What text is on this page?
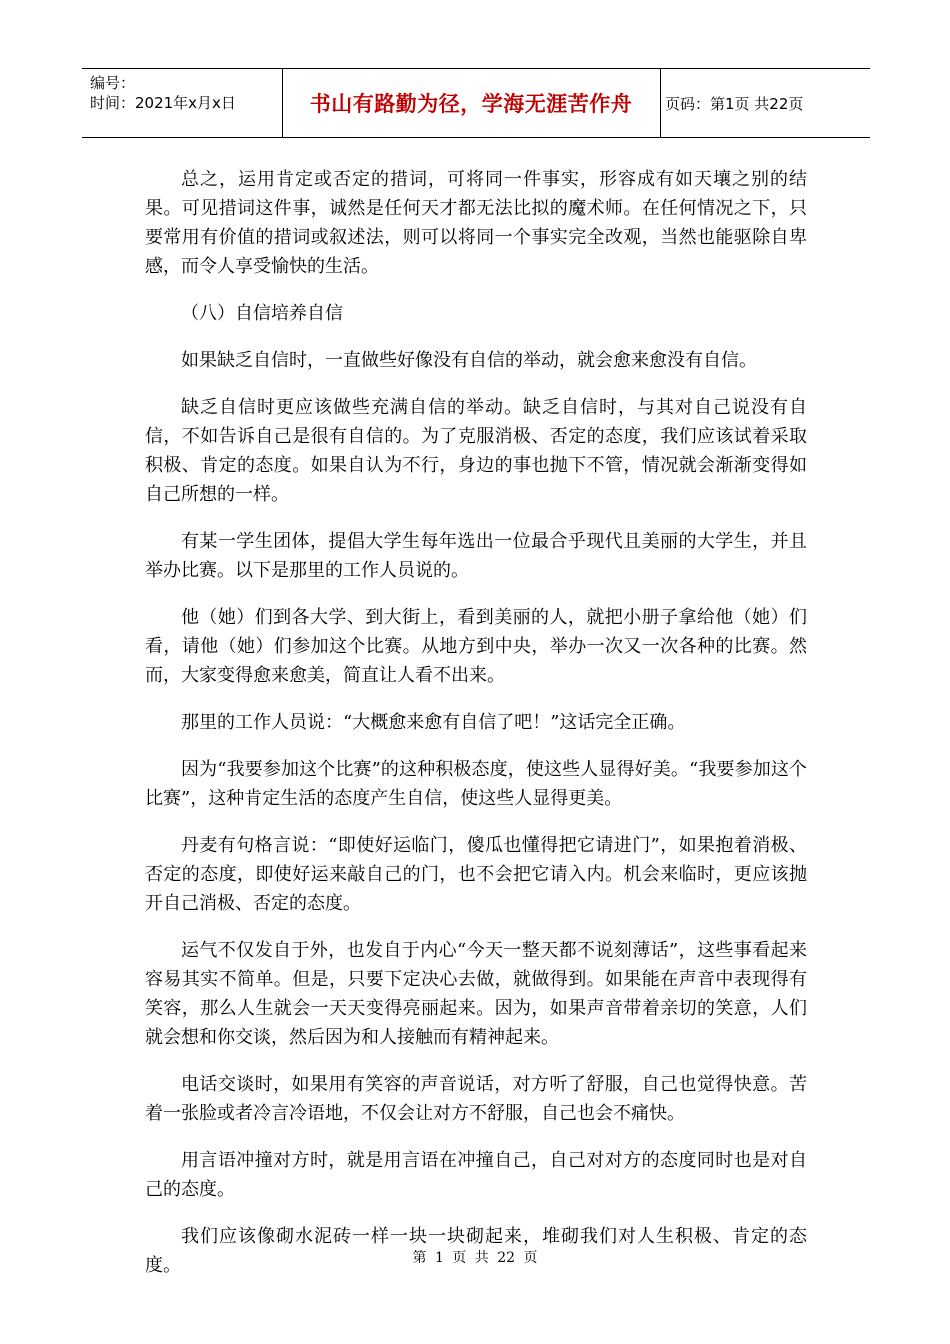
编号：
时间：2021年x月x日	书山有路勤为径，学海无涯苦作舟	页码：第1页 共22页

总之，运用肯定或否定的措词，可将同一件事实，形容成有如天壤之别的结果。可见措词这件事，诚然是任何天才都无法比拟的魔术师。在任何情况之下，只要常用有价值的措词或叙述法，则可以将同一个事实完全改观，当然也能驱除自卑感，而令人享受愉快的生活。

（八）自信培养自信

如果缺乏自信时，一直做些好像没有自信的举动，就会愈来愈没有自信。

缺乏自信时更应该做些充满自信的举动。缺乏自信时，与其对自己说没有自信，不如告诉自己是很有自信的。为了克服消极、否定的态度，我们应该试着采取积极、肯定的态度。如果自认为不行，身边的事也抛下不管，情况就会渐渐变得如自己所想的一样。

有某一学生团体，提倡大学生每年选出一位最合乎现代且美丽的大学生，并且举办比赛。以下是那里的工作人员说的。

他（她）们到各大学、到大街上，看到美丽的人，就把小册子拿给他（她）们看，请他（她）们参加这个比赛。从地方到中央，举办一次又一次各种的比赛。然而，大家变得愈来愈美，简直让人看不出来。

那里的工作人员说：“大概愈来愈有自信了吧！”这话完全正确。

因为“我要参加这个比赛”的这种积极态度，使这些人显得好美。“我要参加这个比赛”，这种肯定生活的态度产生自信，使这些人显得更美。

丹麦有句格言说：“即使好运临门，傻瓜也懂得把它请进门”，如果抱着消极、否定的态度，即使好运来敲自己的门，也不会把它请入内。机会来临时，更应该抛开自己消极、否定的态度。

运气不仅发自于外，也发自于内心“今天一整天都不说刻薄话”，这些事看起来容易其实不简单。但是，只要下定决心去做，就做得到。如果能在声音中表现得有笑容，那么人生就会一天天变得亮丽起来。因为，如果声音带着亲切的笑意，人们就会想和你交谈，然后因为和人接触而有精神起来。

电话交谈时，如果用有笑容的声音说话，对方听了舒服，自己也觉得快意。苦着一张脸或者冷言冷语地，不仅会让对方不舒服，自己也会不痛快。

用言语冲撞对方时，就是用言语在冲撞自己，自己对对方的态度同时也是对自己的态度。

我们应该像砌水泥砖一样一块一块砌起来，堆砌我们对人生积极、肯定的态度。	第 1 页 共 22 页
